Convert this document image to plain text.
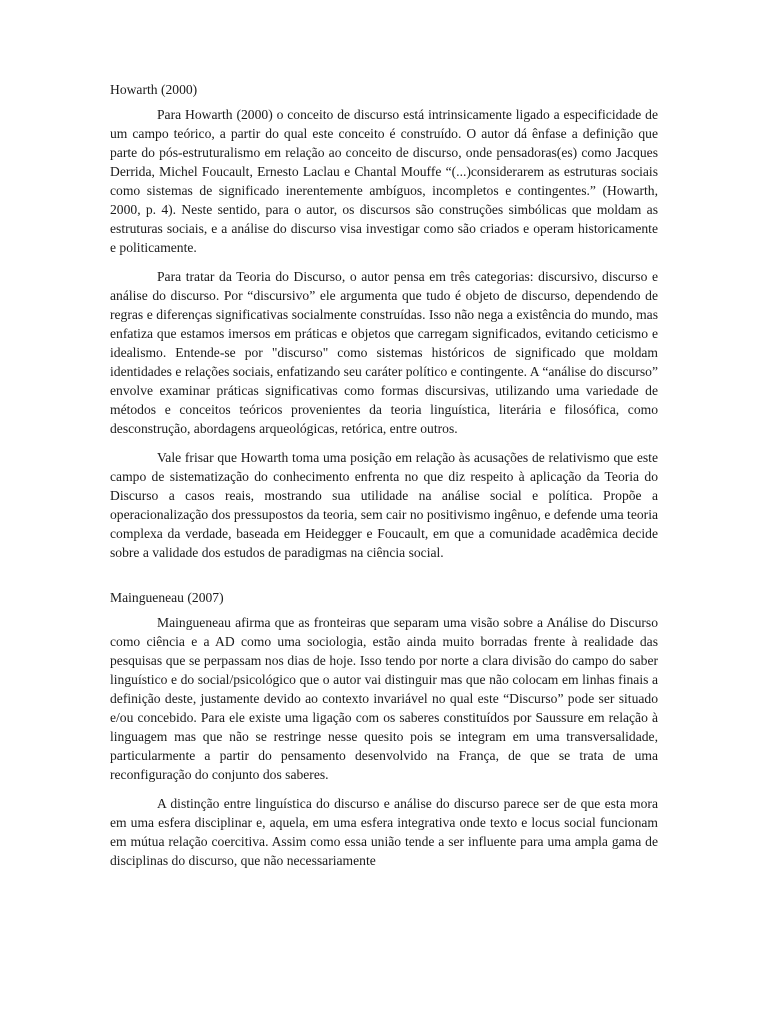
Howarth (2000)

Para Howarth (2000) o conceito de discurso está intrinsicamente ligado a especificidade de um campo teórico, a partir do qual este conceito é construído. O autor dá ênfase a definição que parte do pós-estruturalismo em relação ao conceito de discurso, onde pensadoras(es) como Jacques Derrida, Michel Foucault, Ernesto Laclau e Chantal Mouffe “(...)considerarem as estruturas sociais como sistemas de significado inerentemente ambíguos, incompletos e contingentes.” (Howarth, 2000, p. 4). Neste sentido, para o autor, os discursos são construções simbólicas que moldam as estruturas sociais, e a análise do discurso visa investigar como são criados e operam historicamente e politicamente.

Para tratar da Teoria do Discurso, o autor pensa em três categorias: discursivo, discurso e análise do discurso. Por “discursivo” ele argumenta que tudo é objeto de discurso, dependendo de regras e diferenças significativas socialmente construídas. Isso não nega a existência do mundo, mas enfatiza que estamos imersos em práticas e objetos que carregam significados, evitando ceticismo e idealismo. Entende-se por "discurso" como sistemas históricos de significado que moldam identidades e relações sociais, enfatizando seu caráter político e contingente. A “análise do discurso” envolve examinar práticas significativas como formas discursivas, utilizando uma variedade de métodos e conceitos teóricos provenientes da teoria linguística, literária e filosófica, como desconstrução, abordagens arqueológicas, retórica, entre outros.

Vale frisar que Howarth toma uma posição em relação às acusações de relativismo que este campo de sistematização do conhecimento enfrenta no que diz respeito à aplicação da Teoria do Discurso a casos reais, mostrando sua utilidade na análise social e política. Propõe a operacionalização dos pressupostos da teoria, sem cair no positivismo ingênuo, e defende uma teoria complexa da verdade, baseada em Heidegger e Foucault, em que a comunidade acadêmica decide sobre a validade dos estudos de paradigmas na ciência social.

Maingueneau (2007)

Maingueneau afirma que as fronteiras que separam uma visão sobre a Análise do Discurso como ciência e a AD como uma sociologia, estão ainda muito borradas frente à realidade das pesquisas que se perpassam nos dias de hoje. Isso tendo por norte a clara divisão do campo do saber linguístico e do social/psicológico que o autor vai distinguir mas que não colocam em linhas finais a definição deste, justamente devido ao contexto invariável no qual este “Discurso” pode ser situado e/ou concebido. Para ele existe uma ligação com os saberes constituídos por Saussure em relação à linguagem mas que não se restringe nesse quesito pois se integram em uma transversalidade, particularmente a partir do pensamento desenvolvido na França, de que se trata de uma reconfiguração do conjunto dos saberes.

A distinção entre linguística do discurso e análise do discurso parece ser de que esta mora em uma esfera disciplinar e, aquela, em uma esfera integrativa onde texto e locus social funcionam em mútua relação coercitiva. Assim como essa união tende a ser influente para uma ampla gama de disciplinas do discurso, que não necessariamente
